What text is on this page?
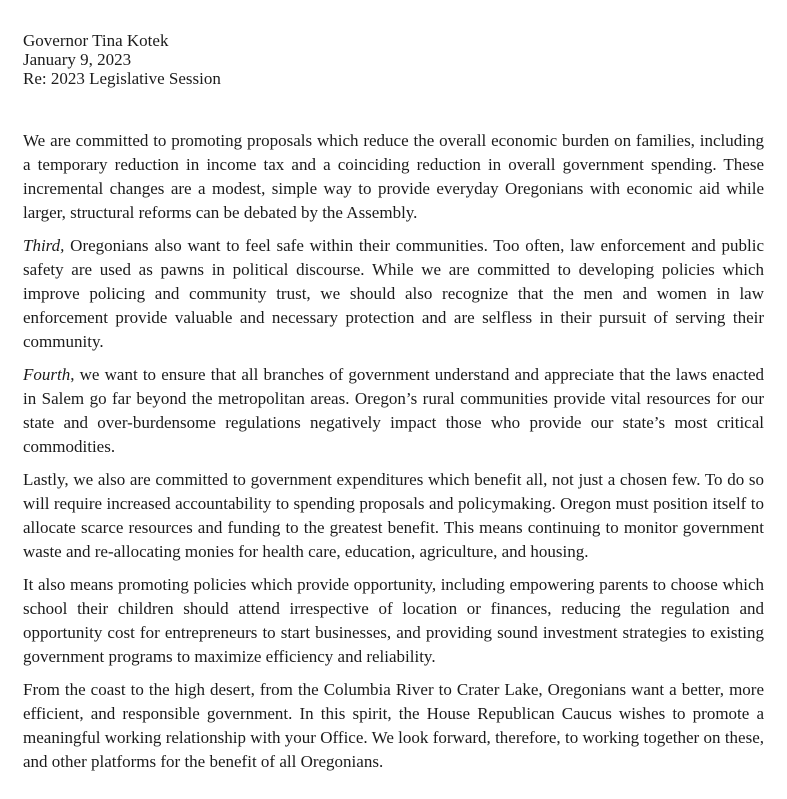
Governor Tina Kotek
January 9, 2023
Re: 2023 Legislative Session

We are committed to promoting proposals which reduce the overall economic burden on families, including a temporary reduction in income tax and a coinciding reduction in overall government spending. These incremental changes are a modest, simple way to provide everyday Oregonians with economic aid while larger, structural reforms can be debated by the Assembly.

Third, Oregonians also want to feel safe within their communities. Too often, law enforcement and public safety are used as pawns in political discourse. While we are committed to developing policies which improve policing and community trust, we should also recognize that the men and women in law enforcement provide valuable and necessary protection and are selfless in their pursuit of serving their community.

Fourth, we want to ensure that all branches of government understand and appreciate that the laws enacted in Salem go far beyond the metropolitan areas. Oregon’s rural communities provide vital resources for our state and over-burdensome regulations negatively impact those who provide our state’s most critical commodities.

Lastly, we also are committed to government expenditures which benefit all, not just a chosen few. To do so will require increased accountability to spending proposals and policymaking. Oregon must position itself to allocate scarce resources and funding to the greatest benefit. This means continuing to monitor government waste and re-allocating monies for health care, education, agriculture, and housing.

It also means promoting policies which provide opportunity, including empowering parents to choose which school their children should attend irrespective of location or finances, reducing the regulation and opportunity cost for entrepreneurs to start businesses, and providing sound investment strategies to existing government programs to maximize efficiency and reliability.

From the coast to the high desert, from the Columbia River to Crater Lake, Oregonians want a better, more efficient, and responsible government. In this spirit, the House Republican Caucus wishes to promote a meaningful working relationship with your Office. We look forward, therefore, to working together on these, and other platforms for the benefit of all Oregonians.
